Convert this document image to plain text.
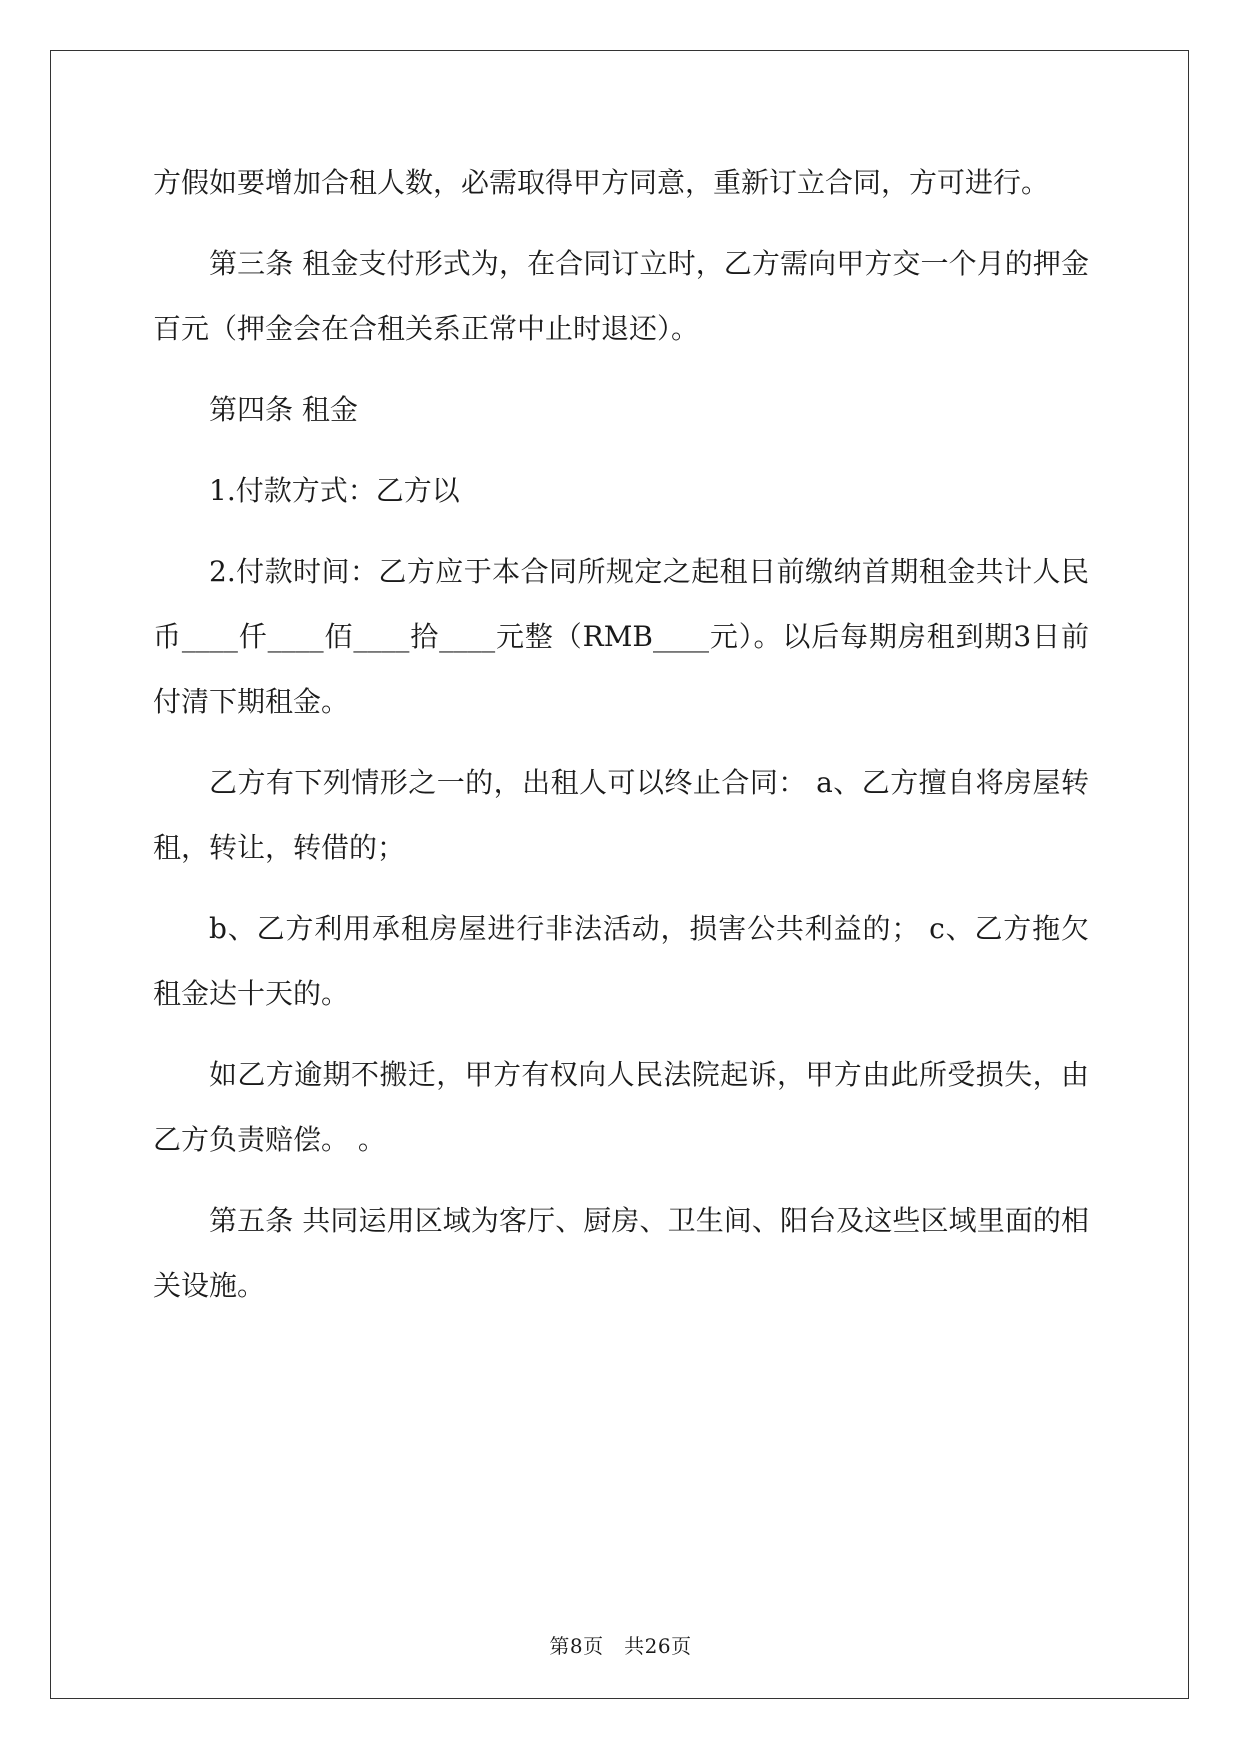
方假如要增加合租人数，必需取得甲方同意，重新订立合同，方可进行。

第三条 租金支付形式为，在合同订立时，乙方需向甲方交一个月的押金 百元（押金会在合租关系正常中止时退还）。

第四条 租金

1.付款方式：乙方以

2.付款时间：乙方应于本合同所规定之起租日前缴纳首期租金共计人民币____仟____佰____拾____元整（RMB____元）。以后每期房租到期3日前付清下期租金。

乙方有下列情形之一的，出租人可以终止合同： a、乙方擅自将房屋转租，转让，转借的；

b、乙方利用承租房屋进行非法活动，损害公共利益的； c、乙方拖欠租金达十天的。

如乙方逾期不搬迁，甲方有权向人民法院起诉，甲方由此所受损失，由乙方负责赔偿。 。

第五条 共同运用区域为客厅、厨房、卫生间、阳台及这些区域里面的相关设施。

第8页　共26页
